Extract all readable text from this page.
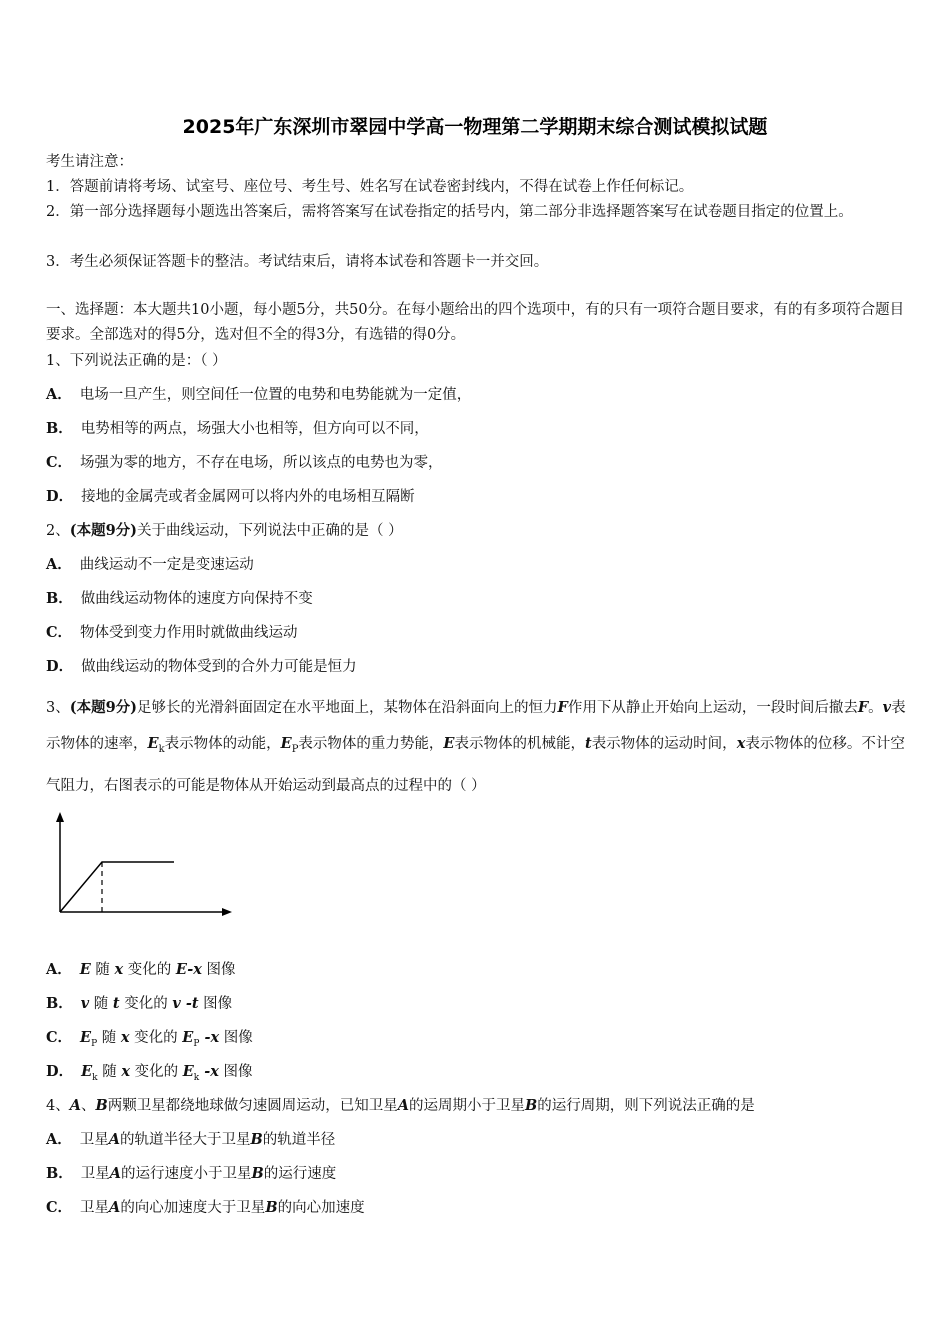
2025年广东深圳市翠园中学高一物理第二学期期末综合测试模拟试题
考生请注意：
1．答题前请将考场、试室号、座位号、考生号、姓名写在试卷密封线内，不得在试卷上作任何标记。
2．第一部分选择题每小题选出答案后，需将答案写在试卷指定的括号内，第二部分非选择题答案写在试卷题目指定的位置上。
3．考生必须保证答题卡的整洁。考试结束后，请将本试卷和答题卡一并交回。
一、选择题：本大题共10小题，每小题5分，共50分。在每小题给出的四个选项中，有的只有一项符合题目要求，有的有多项符合题目要求。全部选对的得5分，选对但不全的得3分，有选错的得0分。
1、下列说法正确的是：（ ）
A． 电场一旦产生，则空间任一位置的电势和电势能就为一定值，
B． 电势相等的两点，场强大小也相等，但方向可以不同，
C． 场强为零的地方，不存在电场，所以该点的电势也为零，
D． 接地的金属壳或者金属网可以将内外的电场相互隔断
2、(本题9分)关于曲线运动，下列说法中正确的是（ ）
A． 曲线运动不一定是变速运动
B． 做曲线运动物体的速度方向保持不变
C． 物体受到变力作用时就做曲线运动
D． 做曲线运动的物体受到的合外力可能是恒力
3、(本题9分)足够长的光滑斜面固定在水平地面上，某物体在沿斜面向上的恒力F作用下从静止开始向上运动，一段时间后撤去F。v表示物体的速率，$E_k$表示物体的动能，$E_P$表示物体的重力势能，E表示物体的机械能，t表示物体的运动时间，x表示物体的位移。不计空气阻力，右图表示的可能是物体从开始运动到最高点的过程中的（ ）
A． E 随 x 变化的 E-x 图像
B． v 随 t 变化的 v -t 图像
C． $E_P$ 随 x 变化的 $E_P$ -x 图像
D． $E_k$ 随 x 变化的 $E_k$ -x 图像
4、A、B两颗卫星都绕地球做匀速圆周运动，已知卫星A的运周期小于卫星B的运行周期，则下列说法正确的是
A． 卫星A的轨道半径大于卫星B的轨道半径
B． 卫星A的运行速度小于卫星B的运行速度
C． 卫星A的向心加速度大于卫星B的向心加速度
